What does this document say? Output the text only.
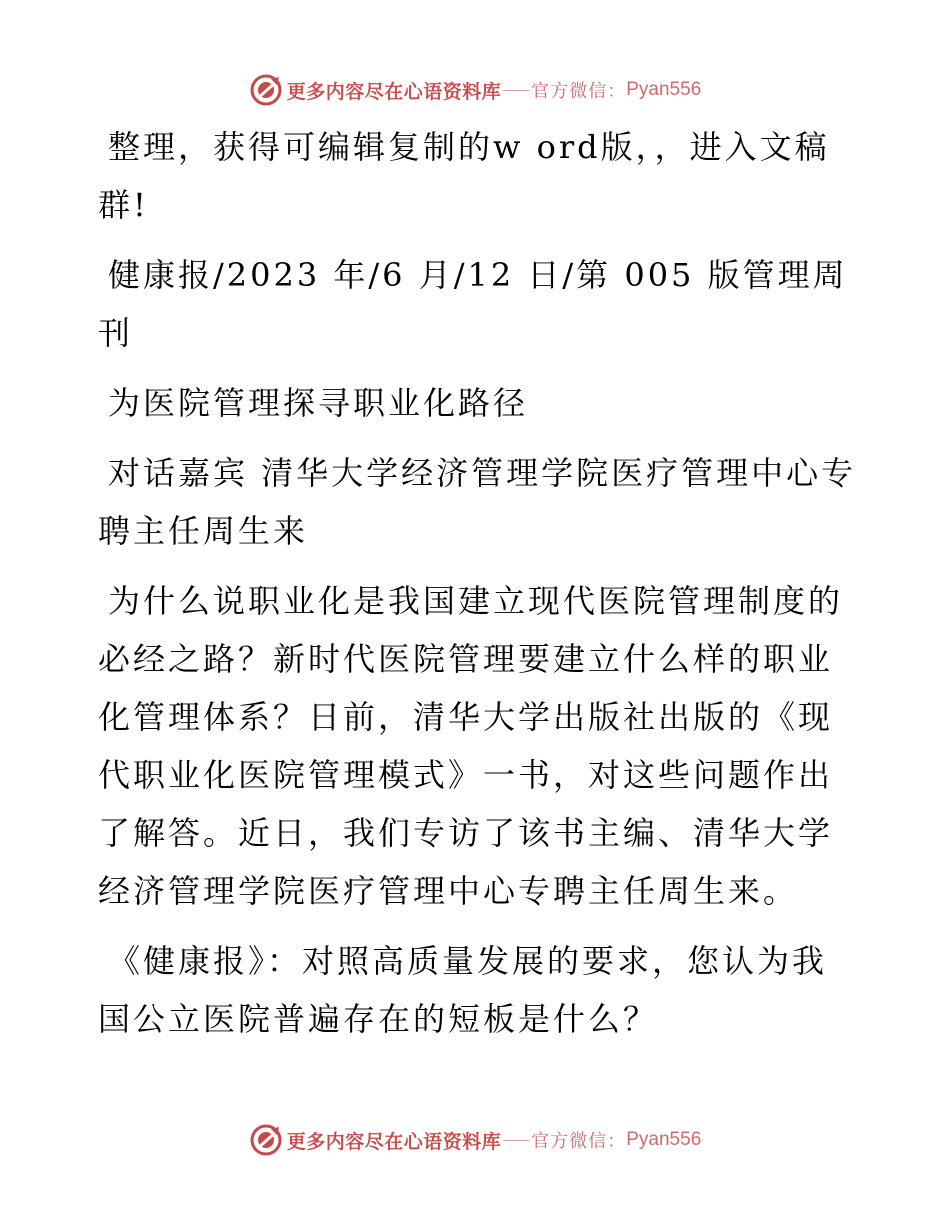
更多内容尽在心语资料库 官方微信： Pyan556

整理，获得可编辑复制的w ord版，，进入文稿群!

健康报/2023 年/6 月/12 日/第 005 版管理周刊

为医院管理探寻职业化路径

对话嘉宾 清华大学经济管理学院医疗管理中心专聘主任周生来

为什么说职业化是我国建立现代医院管理制度的必经之路？新时代医院管理要建立什么样的职业化管理体系？日前，清华大学出版社出版的《现代职业化医院管理模式》一书，对这些问题作出了解答。近日，我们专访了该书主编、清华大学经济管理学院医疗管理中心专聘主任周生来。

《健康报》：对照高质量发展的要求，您认为我国公立医院普遍存在的短板是什么？

更多内容尽在心语资料库 官方微信： Pyan556
